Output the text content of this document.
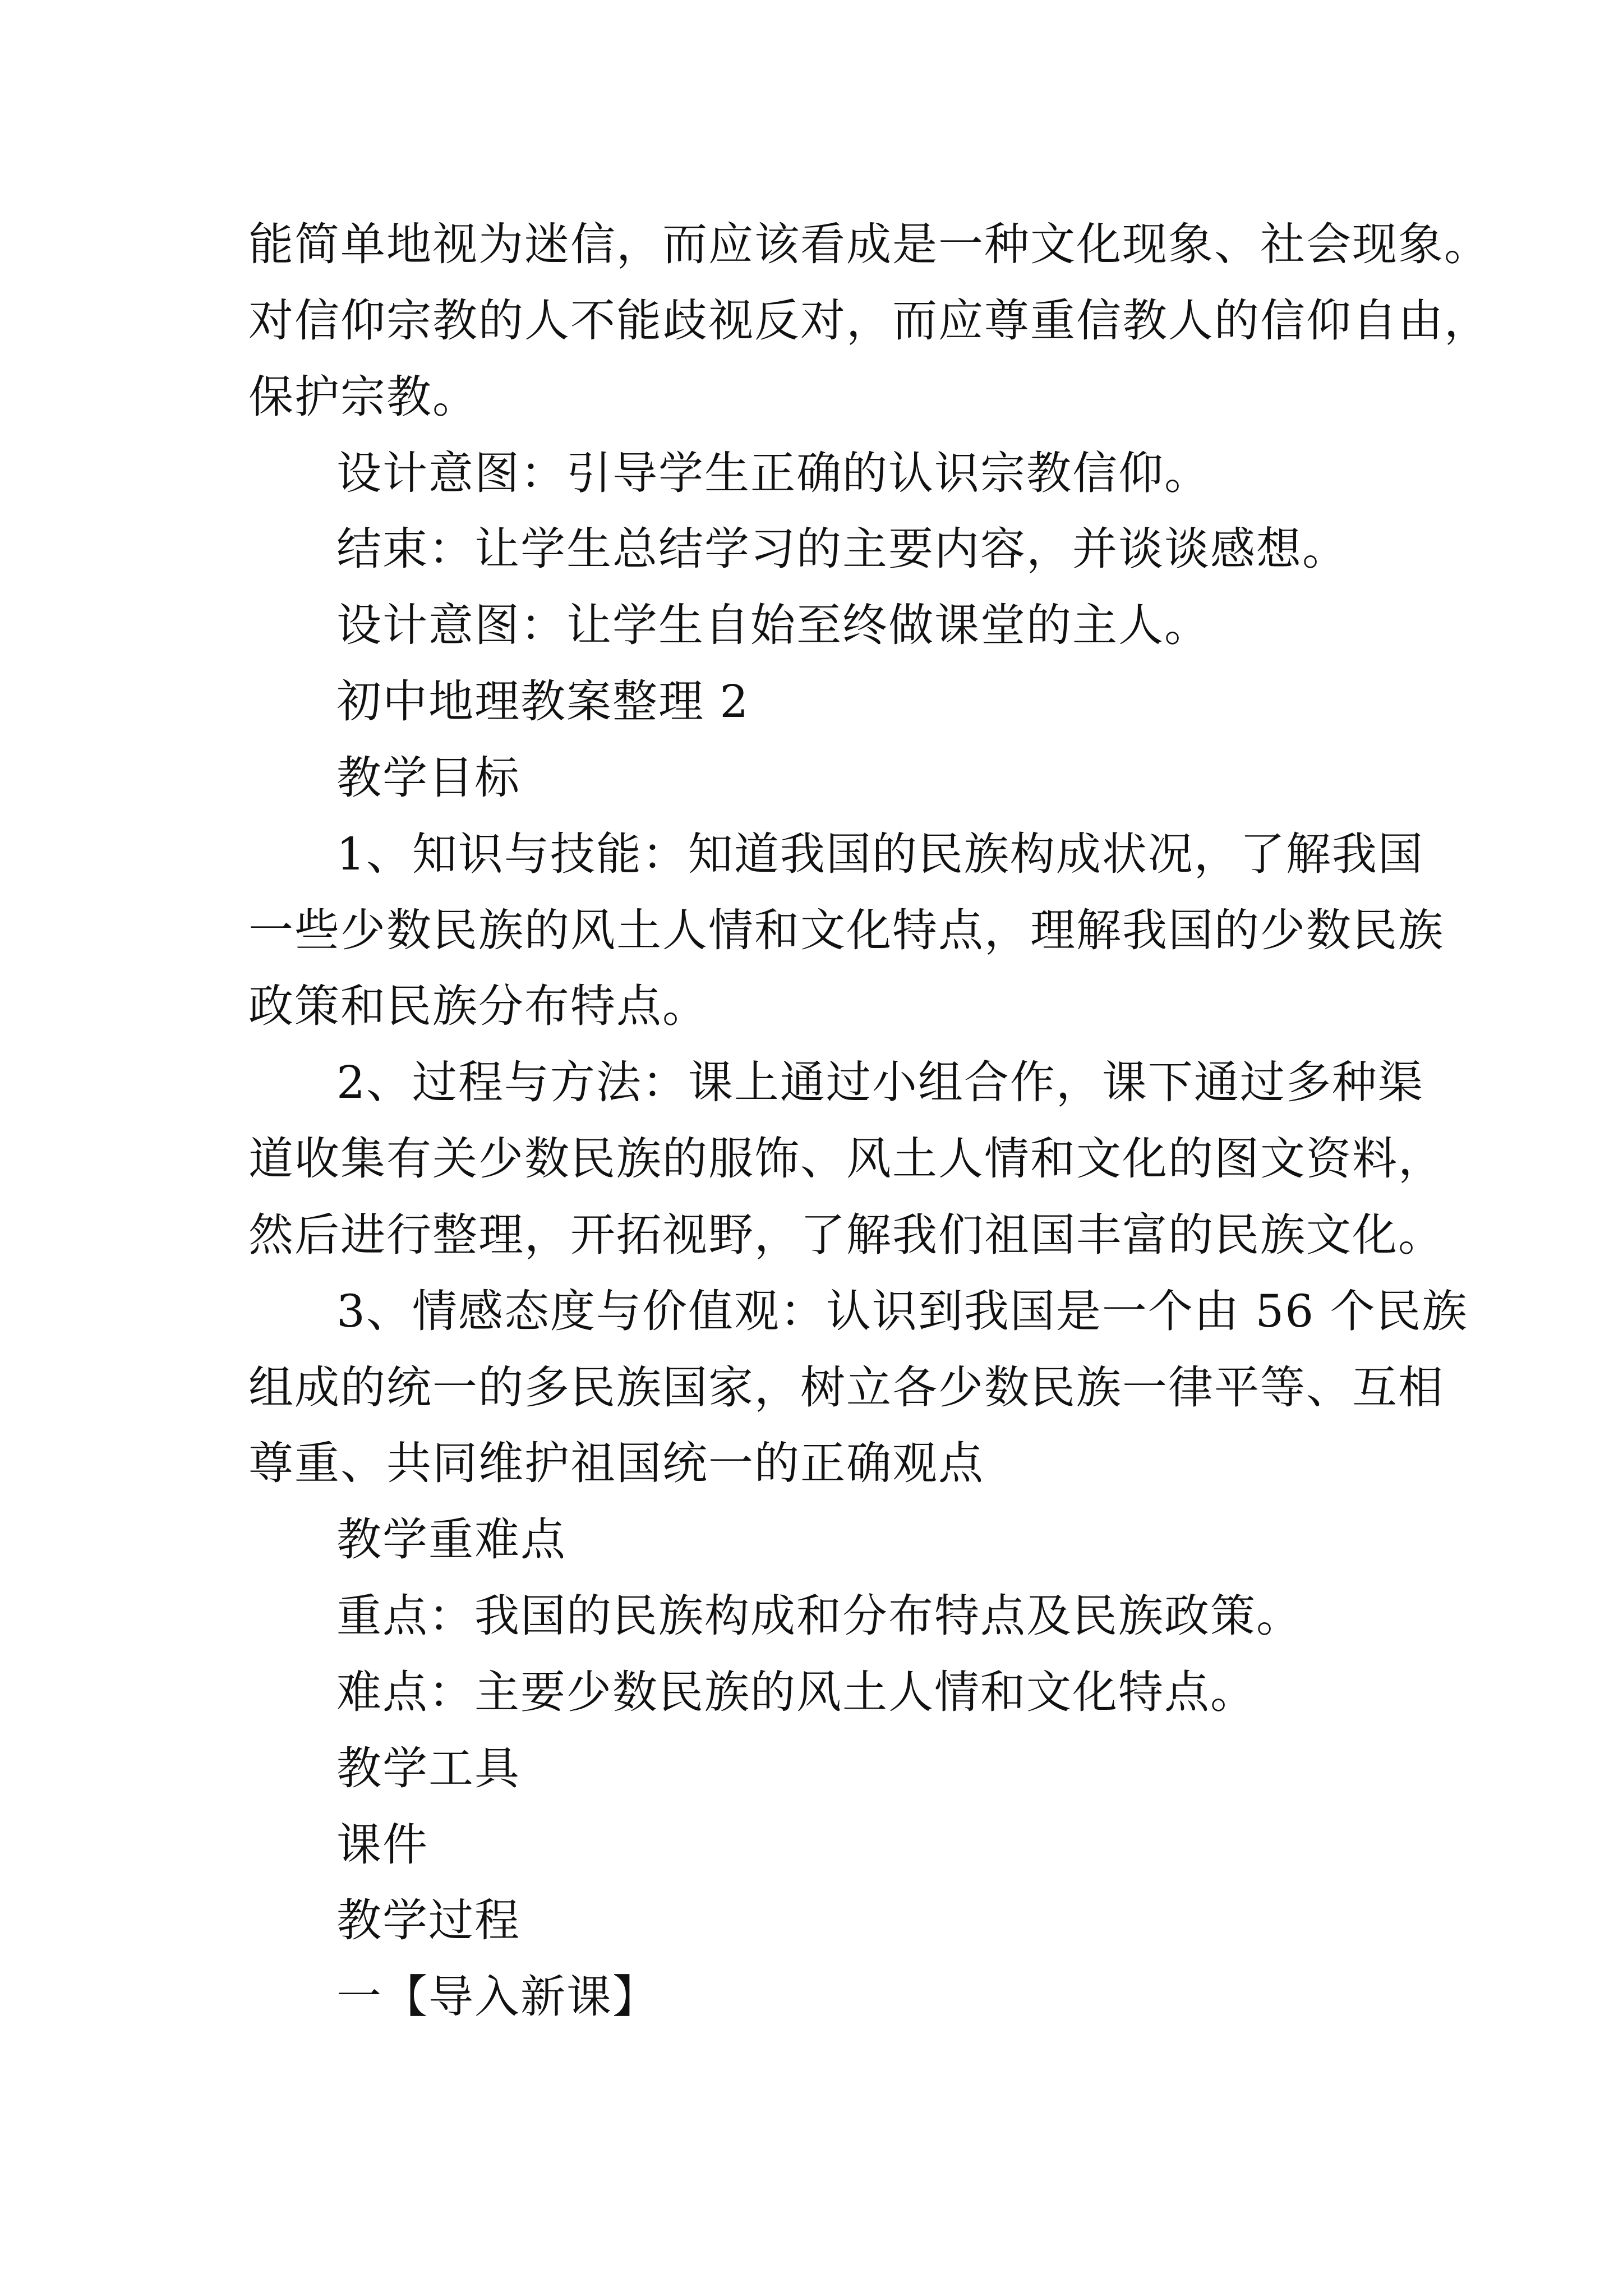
能简单地视为迷信，而应该看成是一种文化现象、社会现象。

对信仰宗教的人不能歧视反对，而应尊重信教人的信仰自由，

保护宗教。

设计意图：引导学生正确的认识宗教信仰。

结束：让学生总结学习的主要内容，并谈谈感想。

设计意图：让学生自始至终做课堂的主人。

初中地理教案整理 2

教学目标

1、知识与技能：知道我国的民族构成状况，了解我国

一些少数民族的风土人情和文化特点，理解我国的少数民族

政策和民族分布特点。

2、过程与方法：课上通过小组合作，课下通过多种渠

道收集有关少数民族的服饰、风土人情和文化的图文资料，

然后进行整理，开拓视野，了解我们祖国丰富的民族文化。

3、情感态度与价值观：认识到我国是一个由 56 个民族

组成的统一的多民族国家，树立各少数民族一律平等、互相

尊重、共同维护祖国统一的正确观点

教学重难点

重点：我国的民族构成和分布特点及民族政策。

难点：主要少数民族的风土人情和文化特点。

教学工具

课件

教学过程

一【导入新课】
